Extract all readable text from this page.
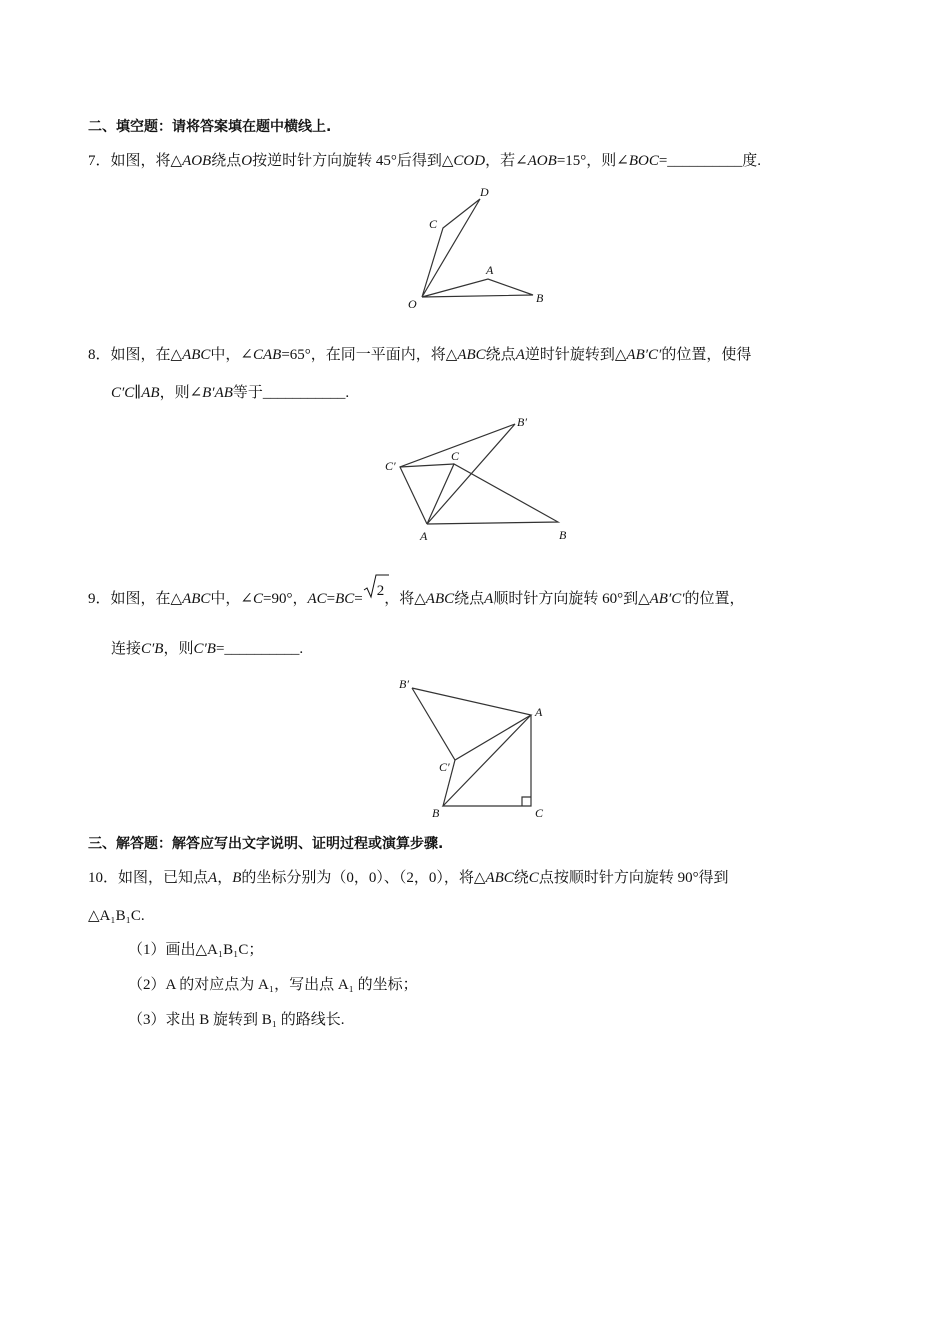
二、填空题：请将答案填在题中横线上.
7．如图，将△AOB绕点O按逆时针方向旋转 45°后得到△COD，若∠AOB=15°，则∠BOC=__________度.
D
C
A
O	B
8．如图，在△ABC中，∠CAB=65°，在同一平面内，将△ABC绕点A逆时针旋转到△AB′C′的位置，使得
C′C∥AB，则∠B′AB等于___________.
B′
C′
C
A	B
9．如图，在△ABC中，∠C=90°，AC=BC= 2，将△ABC绕点A顺时针方向旋转 60°到△AB′C′的位置，
连接C′B，则C′B=__________.
B′
A
C′
B	C
三、解答题：解答应写出文字说明、证明过程或演算步骤.
10．如图，已知点A，B的坐标分别为（0，0）、（2，0），将△ABC绕C点按顺时针方向旋转 90°得到
△A₁B₁C.
（1）画出△A₁B₁C；
（2）A 的对应点为 A₁，写出点 A₁ 的坐标；
（3）求出 B 旋转到 B₁ 的路线长.
